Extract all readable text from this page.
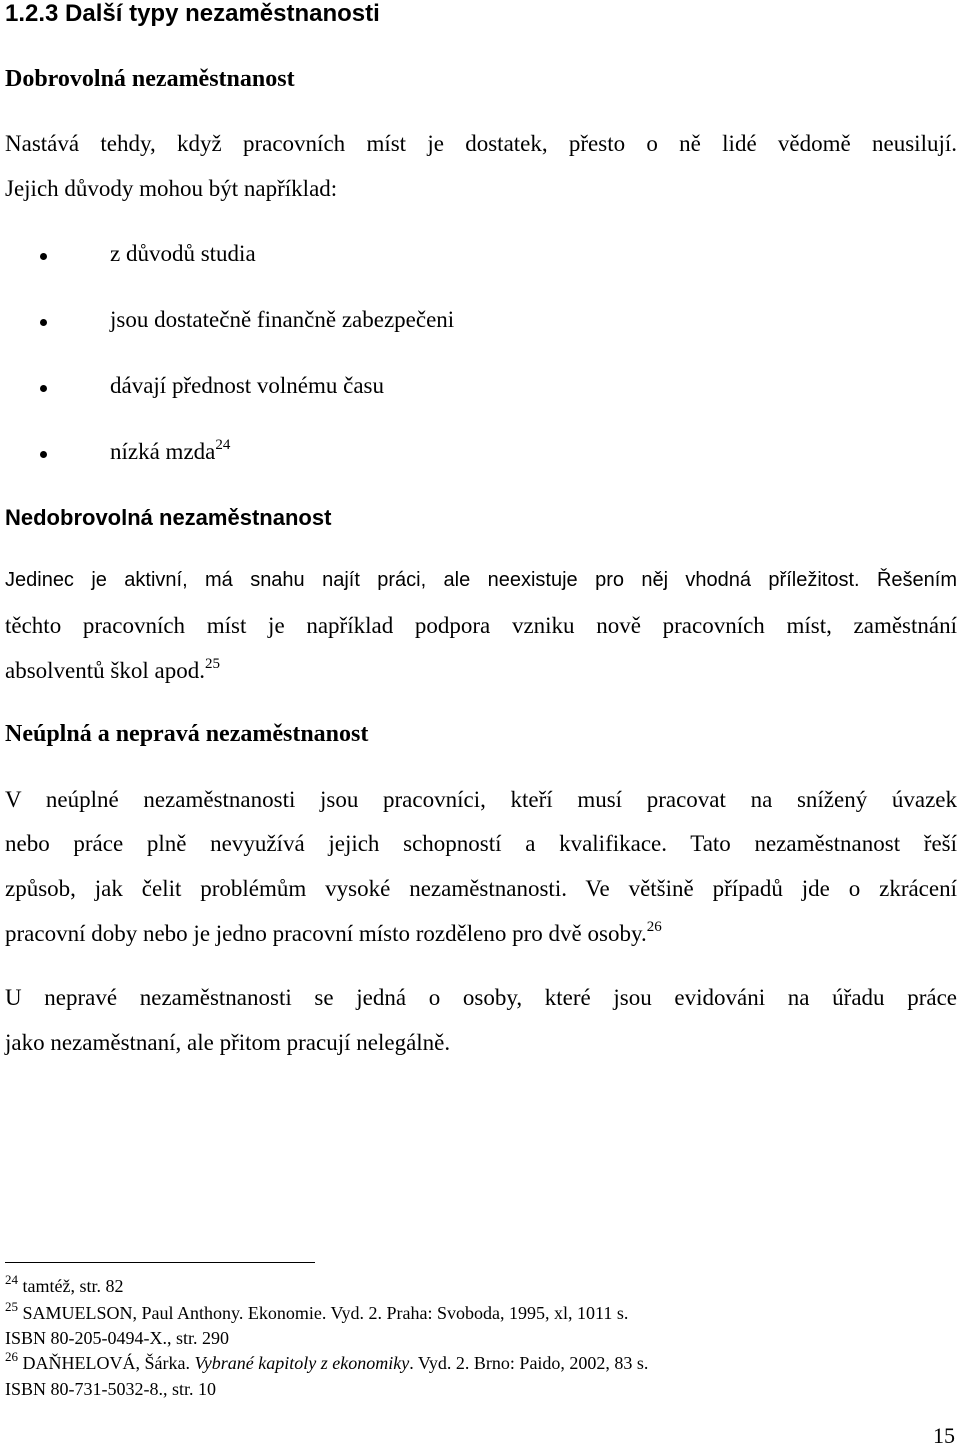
1.2.3 Další typy nezaměstnanosti
Dobrovolná nezaměstnanost
Nastává tehdy, když pracovních míst je dostatek, přesto o ně lidé vědomě neusilují.
Jejich důvody mohou být například:
z důvodů studia
jsou dostatečně finančně zabezpečeni
dávají přednost volnému času
nízká mzda$^{24}$
Nedobrovolná nezaměstnanost
Jedinec je aktivní, má snahu najít práci, ale neexistuje pro něj vhodná příležitost. Řešením
těchto pracovních míst je například podpora vzniku nově pracovních míst, zaměstnání
absolventů škol apod.$^{25}$
Neúplná a nepravá nezaměstnanost
V neúplné nezaměstnanosti jsou pracovníci, kteří musí pracovat na snížený úvazek
nebo práce plně nevyužívá jejich schopností a kvalifikace. Tato nezaměstnanost řeší
způsob, jak čelit problémům vysoké nezaměstnanosti. Ve většině případů jde o zkrácení
pracovní doby nebo je jedno pracovní místo rozděleno pro dvě osoby.$^{26}$
U nepravé nezaměstnanosti se jedná o osoby, které jsou evidováni na úřadu práce
jako nezaměstnaní, ale přitom pracují nelegálně.
$^{24}$ tamtéž, str. 82
$^{25}$ SAMUELSON, Paul Anthony. Ekonomie. Vyd. 2. Praha: Svoboda, 1995, xl, 1011 s.
ISBN 80-205-0494-X., str. 290
$^{26}$ DAŇHELOVÁ, Šárka. Vybrané kapitoly z ekonomiky. Vyd. 2. Brno: Paido, 2002, 83 s.
ISBN 80-731-5032-8., str. 10
15
